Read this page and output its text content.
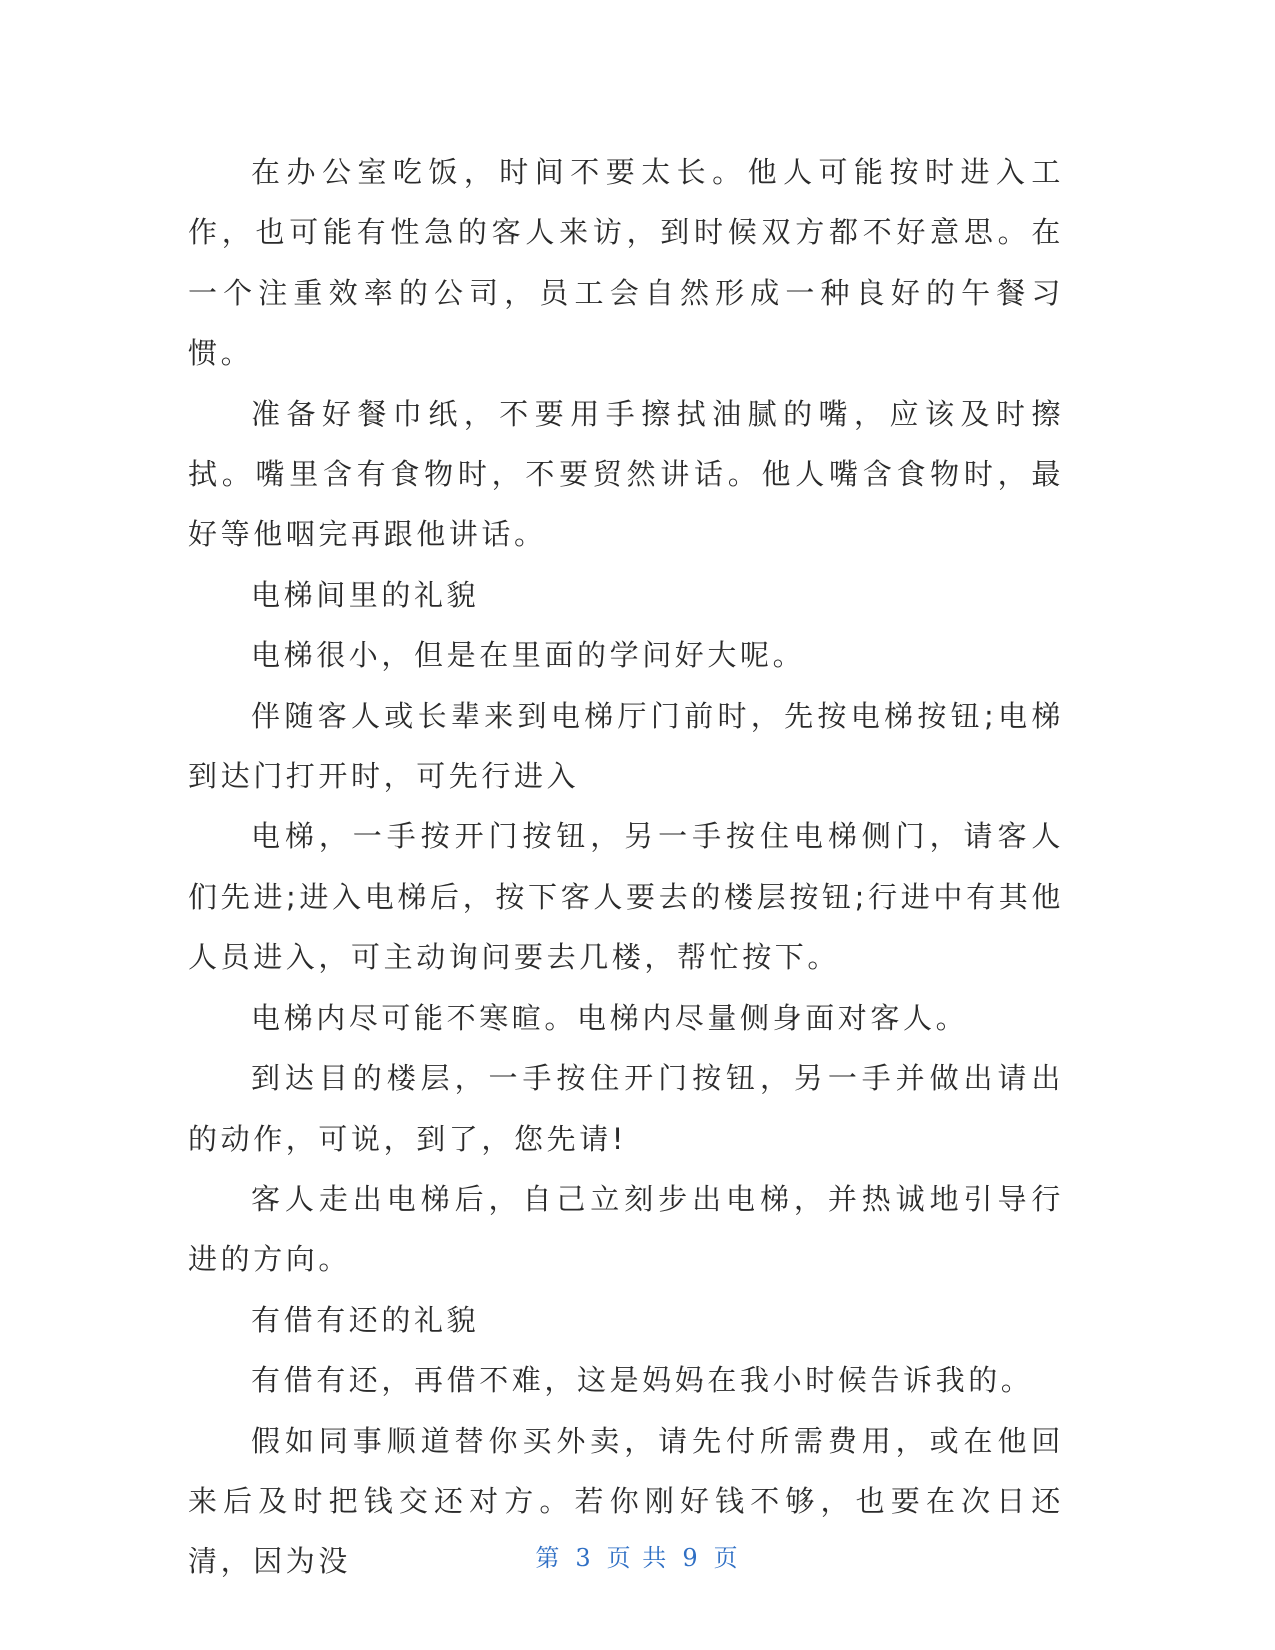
在办公室吃饭，时间不要太长。他人可能按时进入工作，也可能有性急的客人来访，到时候双方都不好意思。在一个注重效率的公司，员工会自然形成一种良好的午餐习惯。

准备好餐巾纸，不要用手擦拭油腻的嘴，应该及时擦拭。嘴里含有食物时，不要贸然讲话。他人嘴含食物时，最好等他咽完再跟他讲话。

电梯间里的礼貌

电梯很小，但是在里面的学问好大呢。

伴随客人或长辈来到电梯厅门前时，先按电梯按钮;电梯到达门打开时，可先行进入

电梯，一手按开门按钮，另一手按住电梯侧门，请客人们先进;进入电梯后，按下客人要去的楼层按钮;行进中有其他人员进入，可主动询问要去几楼，帮忙按下。

电梯内尽可能不寒暄。电梯内尽量侧身面对客人。

到达目的楼层，一手按住开门按钮，另一手并做出请出的动作，可说，到了，您先请!

客人走出电梯后，自己立刻步出电梯，并热诚地引导行进的方向。

有借有还的礼貌

有借有还，再借不难，这是妈妈在我小时候告诉我的。

假如同事顺道替你买外卖，请先付所需费用，或在他回来后及时把钱交还对方。若你刚好钱不够，也要在次日还清，因为没	第 3 页 共 9 页
